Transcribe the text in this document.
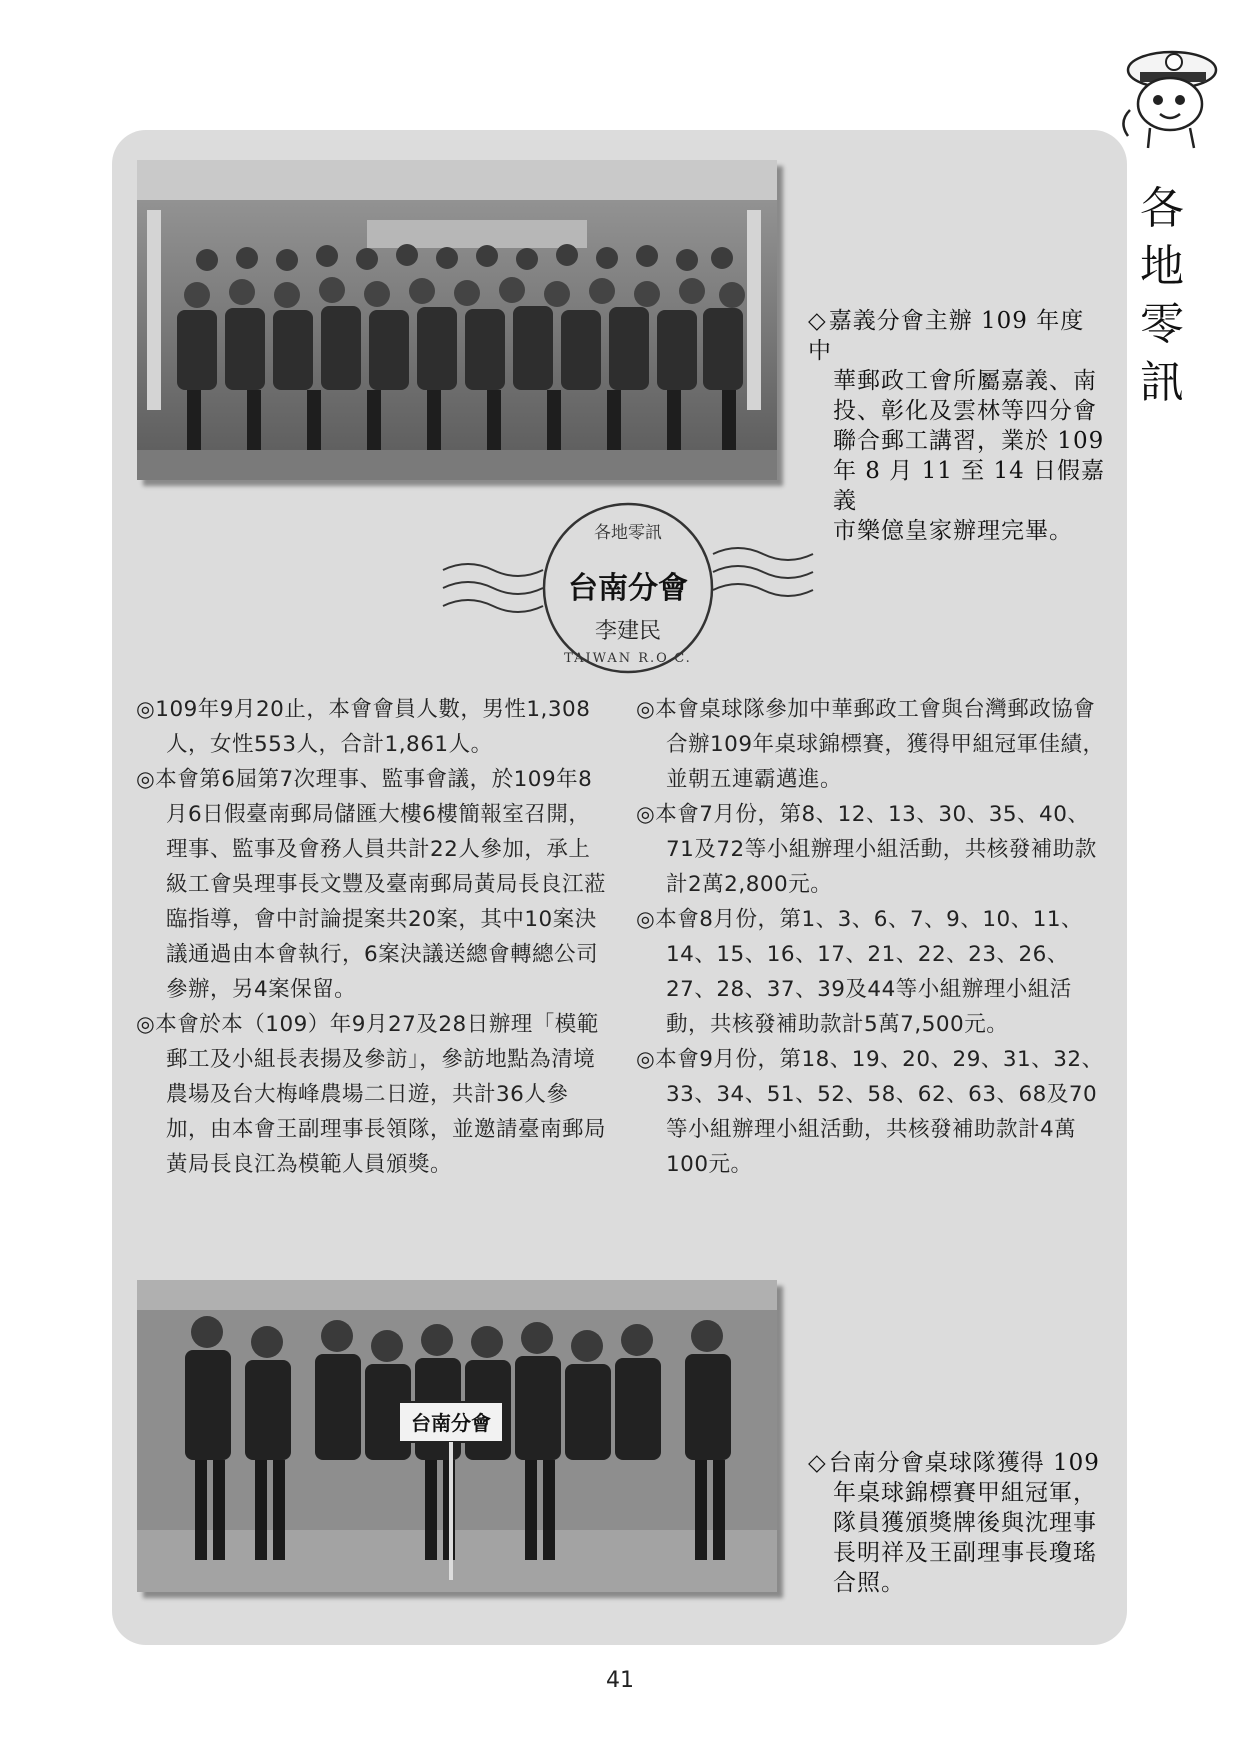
各
地
零
訊
◇嘉義分會主辦 109 年度中
華郵政工會所屬嘉義、南
投、彰化及雲林等四分會
聯合郵工講習，業於 109
年 8 月 11 至 14 日假嘉義
市樂億皇家辦理完畢。
各地零訊
台南分會
李建民
TAIWAN R.O.C.

◎109年9月20止，本會會員人數，男性1,308人，女性553人，合計1,861人。

◎本會第6屆第7次理事、監事會議，於109年8月6日假臺南郵局儲匯大樓6樓簡報室召開，理事、監事及會務人員共計22人參加，承上級工會吳理事長文豐及臺南郵局黃局長良江蒞臨指導，會中討論提案共20案，其中10案決議通過由本會執行，6案決議送總會轉總公司參辦，另4案保留。

◎本會於本（109）年9月27及28日辦理「模範郵工及小組長表揚及參訪」，參訪地點為清境農場及台大梅峰農場二日遊，共計36人參加，由本會王副理事長領隊，並邀請臺南郵局黃局長良江為模範人員頒獎。

◎本會桌球隊參加中華郵政工會與台灣郵政協會合辦109年桌球錦標賽，獲得甲組冠軍佳績，並朝五連霸邁進。

◎本會7月份，第8、12、13、30、35、40、71及72等小組辦理小組活動，共核發補助款計2萬2,800元。

◎本會8月份，第1、3、6、7、9、10、11、14、15、16、17、21、22、23、26、27、28、37、39及44等小組辦理小組活動，共核發補助款計5萬7,500元。

◎本會9月份，第18、19、20、29、31、32、33、34、51、52、58、62、63、68及70等小組辦理小組活動，共核發補助款計4萬100元。

台南分會
◇台南分會桌球隊獲得 109
年桌球錦標賽甲組冠軍，
隊員獲頒獎牌後與沈理事
長明祥及王副理事長瓊瑤
合照。
41
